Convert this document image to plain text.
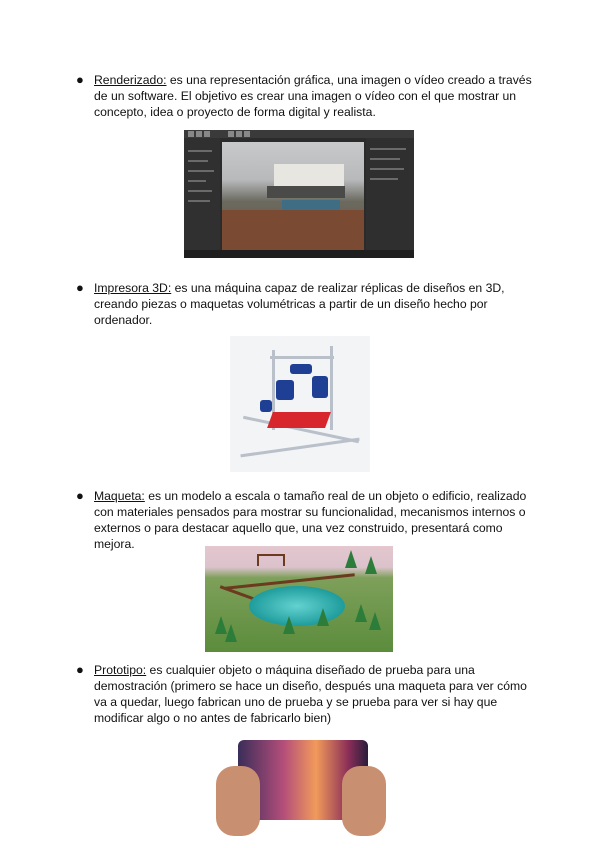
● Renderizado: es una representación gráfica, una imagen o vídeo creado a través de un software. El objetivo es crear una imagen o vídeo con el que mostrar un concepto, idea o proyecto de forma digital y realista.
● Impresora 3D: es una máquina capaz de realizar réplicas de diseños en 3D, creando piezas o maquetas volumétricas a partir de un diseño hecho por ordenador.
● Maqueta: es un modelo a escala o tamaño real de un objeto o edificio, realizado con materiales pensados para mostrar su funcionalidad, mecanismos internos o externos o para destacar aquello que, una vez construido, presentará como mejora.
● Prototipo: es cualquier objeto o máquina diseñado de prueba para una demostración (primero se hace un diseño, después una maqueta para ver cómo va a quedar, luego fabrican uno de prueba y se prueba para ver si hay que modificar algo o no antes de fabricarlo bien)
